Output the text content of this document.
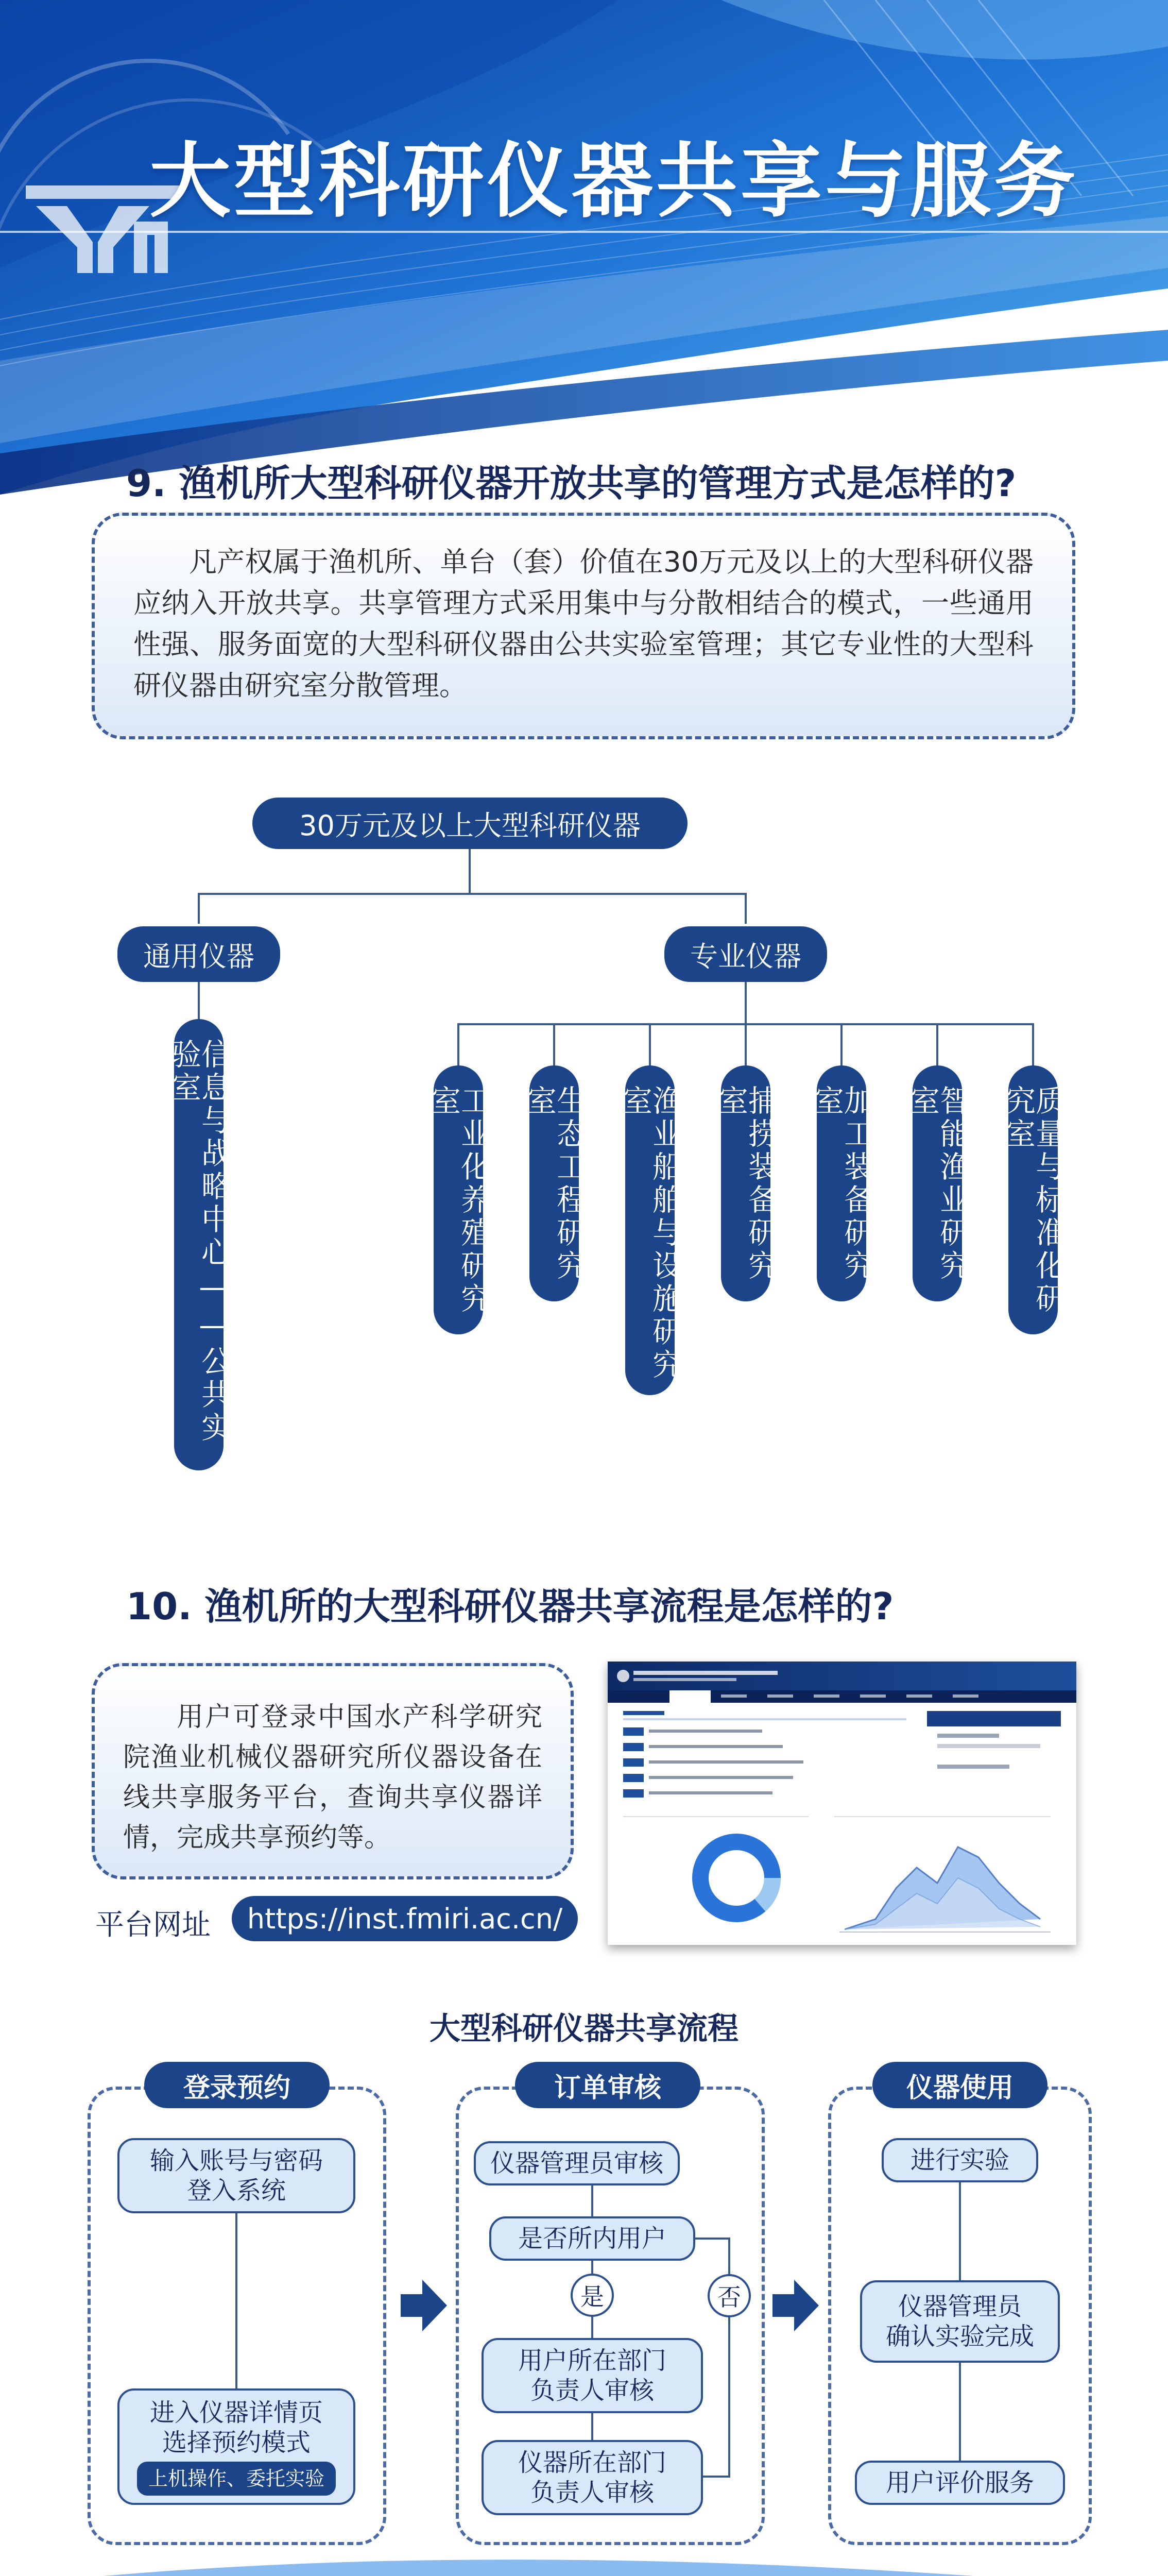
大型科研仪器共享与服务
9. 渔机所大型科研仪器开放共享的管理方式是怎样的?
凡产权属于渔机所、单台（套）价值在30万元及以上的大型科研仪器应纳入开放共享。共享管理方式采用集中与分散相结合的模式，一些通用性强、服务面宽的大型科研仪器由公共实验室管理；其它专业性的大型科研仪器由研究室分散管理。
30万元及以上大型科研仪器
通用仪器	专业仪器
信息与战略中心——公共实验室
工业化养殖研究室	生态工程研究室	渔业船舶与设施研究室	捕捞装备研究室	加工装备研究室	智能渔业研究室	质量与标准化研究室
10. 渔机所的大型科研仪器共享流程是怎样的?
用户可登录中国水产科学研究院渔业机械仪器研究所仪器设备在线共享服务平台，查询共享仪器详情，完成共享预约等。
平台网址	https://inst.fmiri.ac.cn/
大型科研仪器共享流程
登录预约
输入账号与密码
登入系统
进入仪器详情页
选择预约模式
上机操作、委托实验
订单审核
仪器管理员审核
是否所内用户
是
用户所在部门
负责人审核
仪器所在部门
负责人审核
否
仪器使用
进行实验
仪器管理员
确认实验完成
用户评价服务
